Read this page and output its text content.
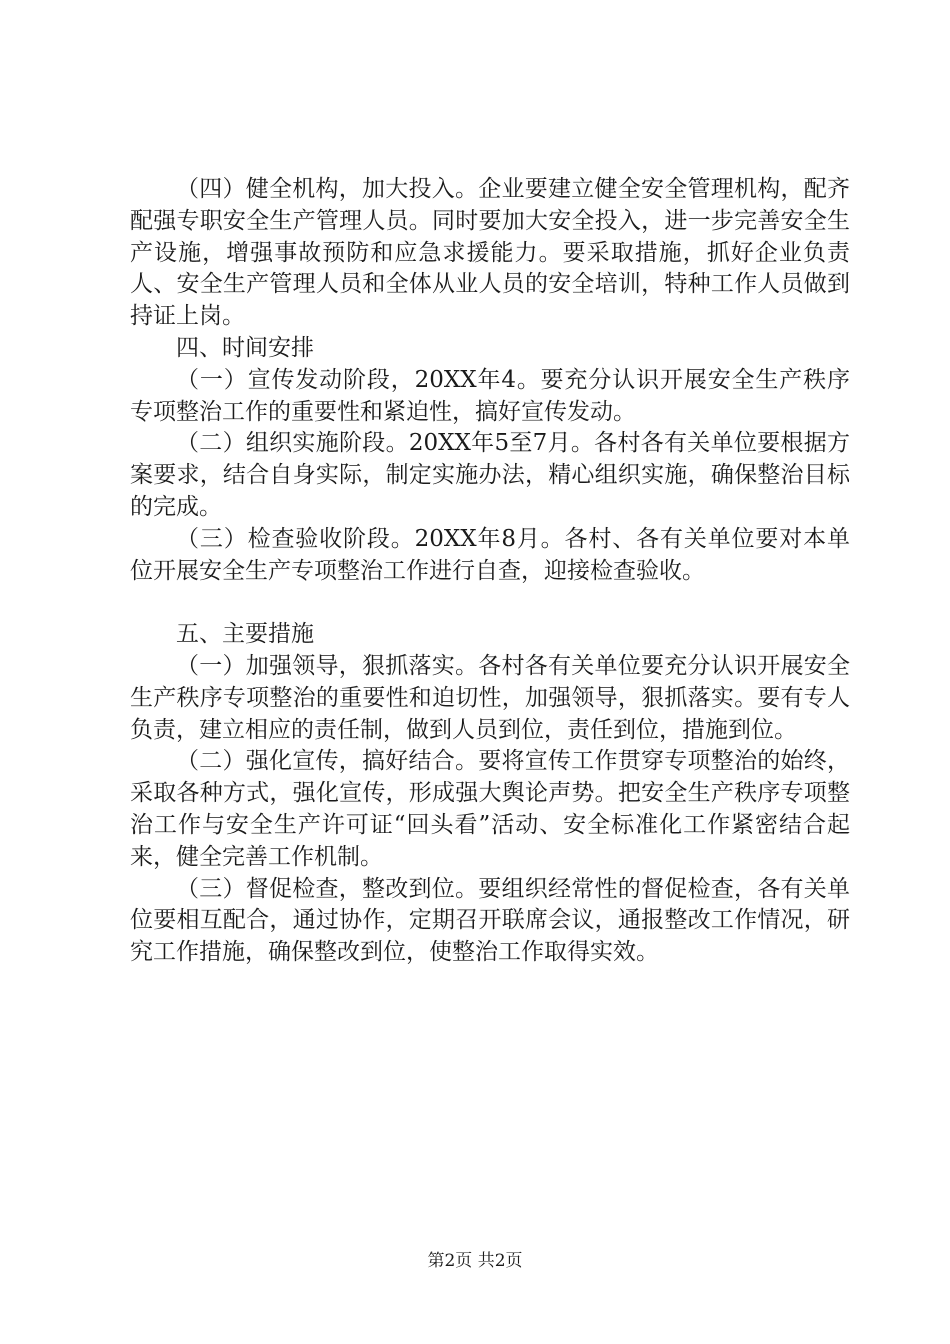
（四）健全机构，加大投入。企业要建立健全安全管理机构，配齐配强专职安全生产管理人员。同时要加大安全投入，进一步完善安全生产设施，增强事故预防和应急求援能力。要采取措施，抓好企业负责人、安全生产管理人员和全体从业人员的安全培训，特种工作人员做到持证上岗。

四、时间安排

（一）宣传发动阶段，20XX年4。要充分认识开展安全生产秩序专项整治工作的重要性和紧迫性，搞好宣传发动。

（二）组织实施阶段。20XX年5至7月。各村各有关单位要根据方案要求，结合自身实际，制定实施办法，精心组织实施，确保整治目标的完成。

（三）检查验收阶段。20XX年8月。各村、各有关单位要对本单位开展安全生产专项整治工作进行自查，迎接检查验收。

五、主要措施

（一）加强领导，狠抓落实。各村各有关单位要充分认识开展安全生产秩序专项整治的重要性和迫切性，加强领导，狠抓落实。要有专人负责，建立相应的责任制，做到人员到位，责任到位，措施到位。

（二）强化宣传，搞好结合。要将宣传工作贯穿专项整治的始终，采取各种方式，强化宣传，形成强大舆论声势。把安全生产秩序专项整治工作与安全生产许可证“回头看”活动、安全标准化工作紧密结合起来，健全完善工作机制。

（三）督促检查，整改到位。要组织经常性的督促检查，各有关单位要相互配合，通过协作，定期召开联席会议，通报整改工作情况，研究工作措施，确保整改到位，使整治工作取得实效。

第2页 共2页
